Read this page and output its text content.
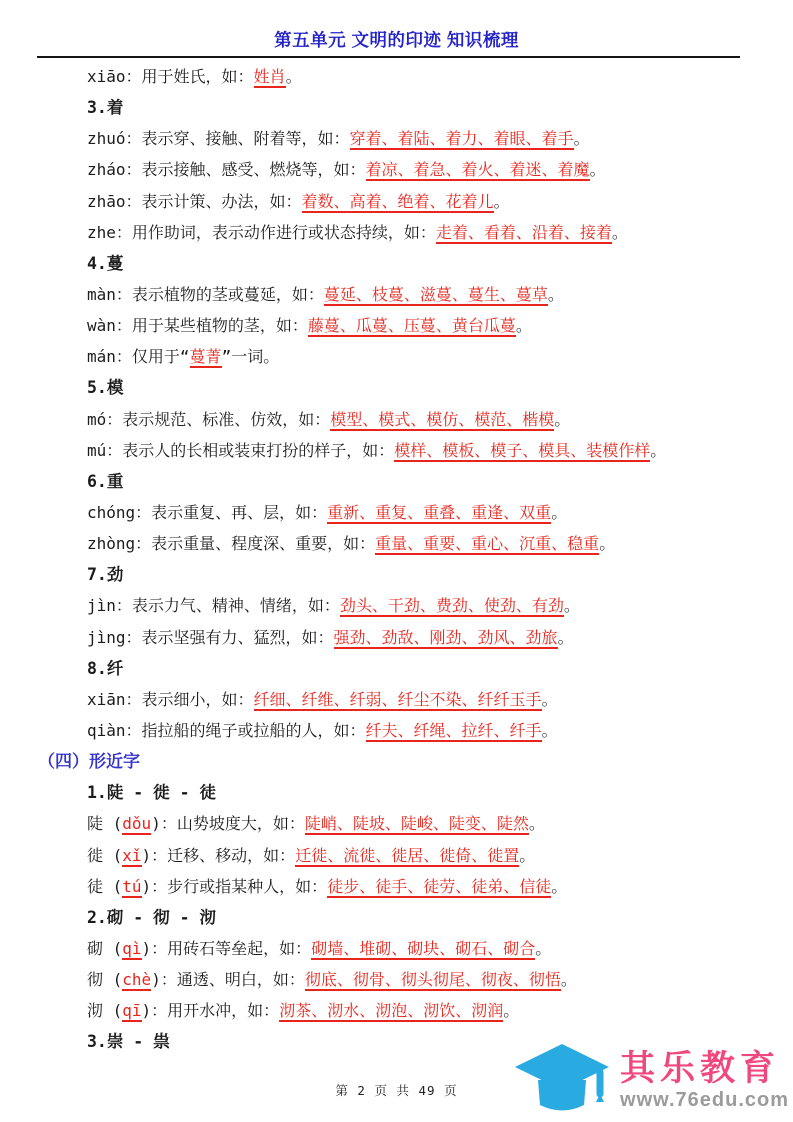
第五单元 文明的印迹 知识梳理
xiāo：用于姓氏，如：姓肖。
3.着
zhuó：表示穿、接触、附着等，如：穿着、着陆、着力、着眼、着手。
zháo：表示接触、感受、燃烧等，如：着凉、着急、着火、着迷、着魔。
zhāo：表示计策、办法，如：着数、高着、绝着、花着儿。
zhe：用作助词，表示动作进行或状态持续，如：走着、看着、沿着、接着。
4.蔓
màn：表示植物的茎或蔓延，如：蔓延、枝蔓、滋蔓、蔓生、蔓草。
wàn：用于某些植物的茎，如：藤蔓、瓜蔓、压蔓、黄台瓜蔓。
mán：仅用于“蔓菁”一词。
5.模
mó：表示规范、标准、仿效，如：模型、模式、模仿、模范、楷模。
mú：表示人的长相或装束打扮的样子，如：模样、模板、模子、模具、装模作样。
6.重
chóng：表示重复、再、层，如：重新、重复、重叠、重逢、双重。
zhòng：表示重量、程度深、重要，如：重量、重要、重心、沉重、稳重。
7.劲
jìn：表示力气、精神、情绪，如：劲头、干劲、费劲、使劲、有劲。
jìng：表示坚强有力、猛烈，如：强劲、劲敌、刚劲、劲风、劲旅。
8.纤
xiān：表示细小，如：纤细、纤维、纤弱、纤尘不染、纤纤玉手。
qiàn：指拉船的绳子或拉船的人，如：纤夫、纤绳、拉纤、纤手。
（四）形近字
1.陡 - 徙 - 徒
陡 (dǒu)：山势坡度大，如：陡峭、陡坡、陡峻、陡变、陡然。
徙 (xǐ)：迁移、移动，如：迁徙、流徙、徙居、徙倚、徙置。
徒 (tú)：步行或指某种人，如：徒步、徒手、徒劳、徒弟、信徒。
2.砌 - 彻 - 沏
砌 (qì)：用砖石等垒起，如：砌墙、堆砌、砌块、砌石、砌合。
彻 (chè)：通透、明白，如：彻底、彻骨、彻头彻尾、彻夜、彻悟。
沏 (qī)：用开水冲，如：沏茶、沏水、沏泡、沏饮、沏润。
3.崇 - 祟
第 2 页 共 49 页
其乐教育
www.76edu.com
